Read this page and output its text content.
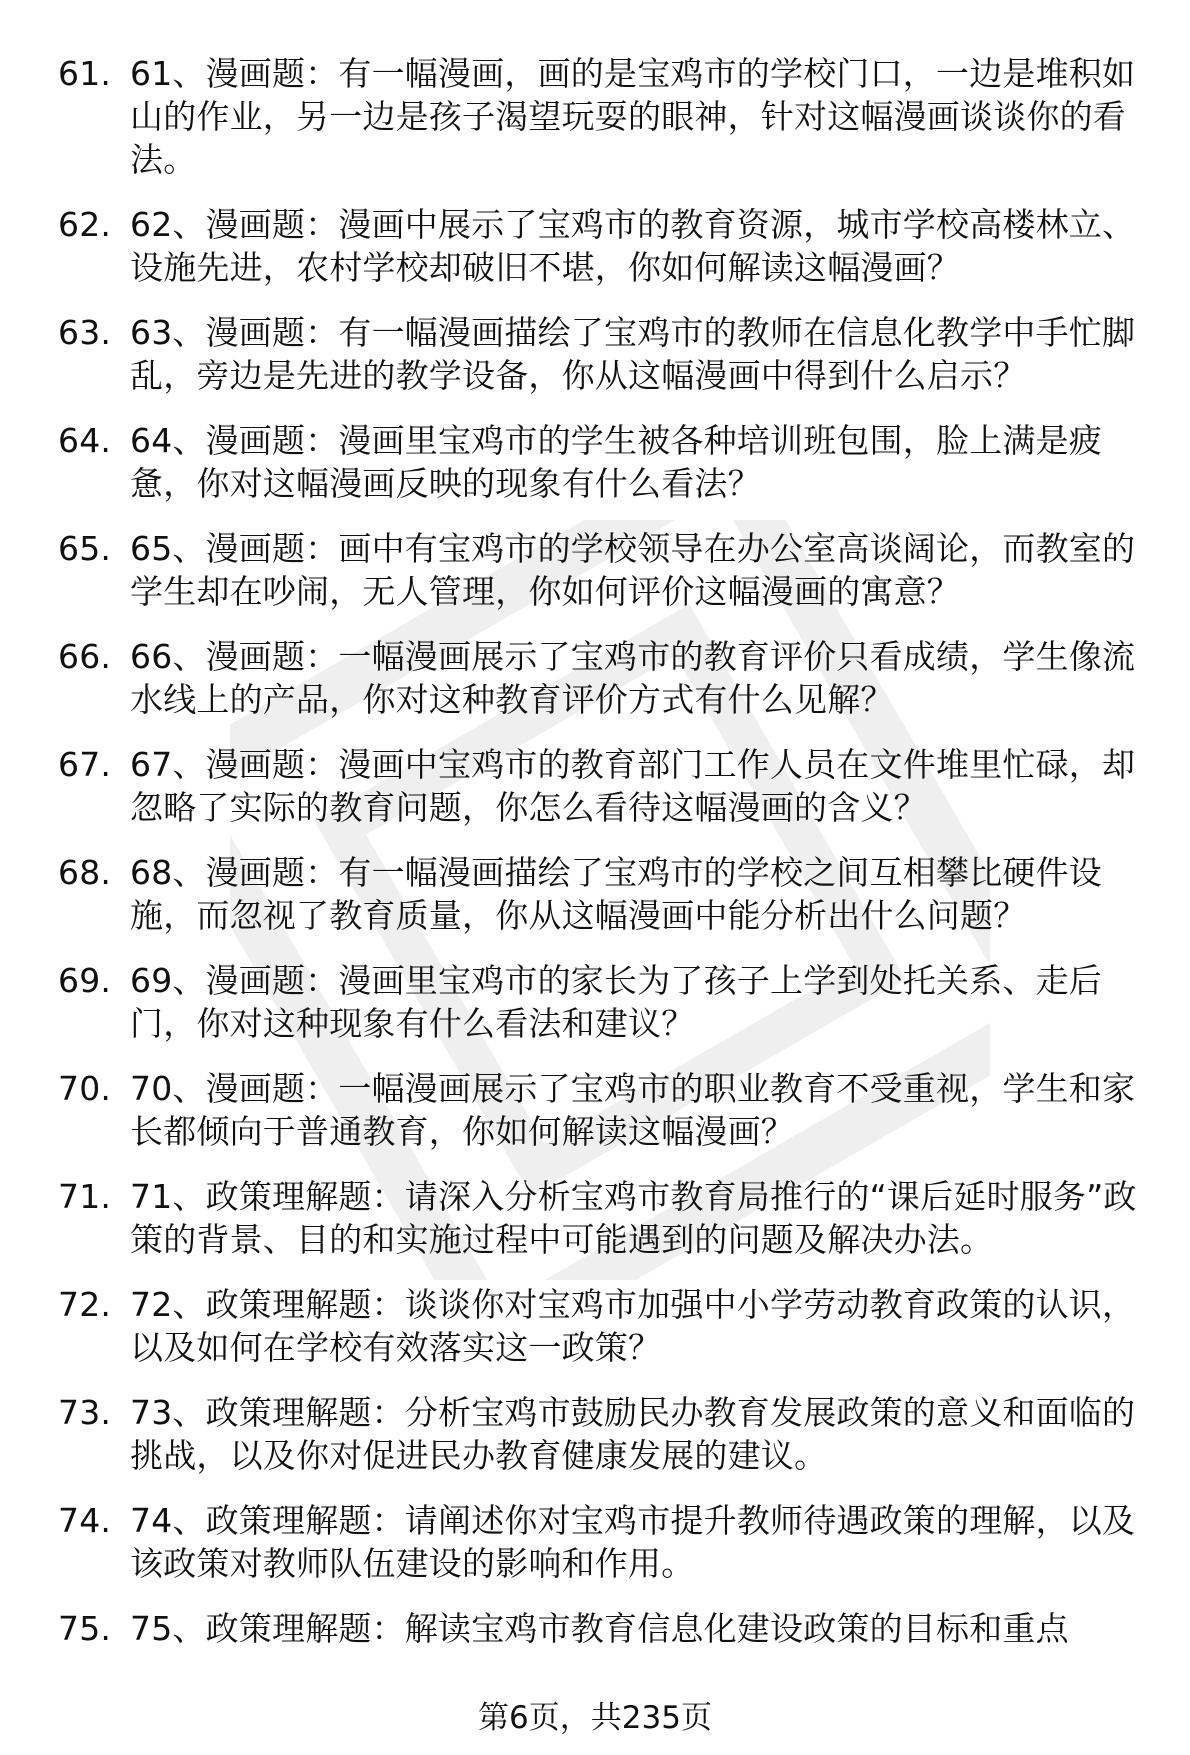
61. 61、漫画题：有一幅漫画，画的是宝鸡市的学校门口，一边是堆积如山的作业，另一边是孩子渴望玩耍的眼神，针对这幅漫画谈谈你的看法。
62. 62、漫画题：漫画中展示了宝鸡市的教育资源，城市学校高楼林立、设施先进，农村学校却破旧不堪，你如何解读这幅漫画？
63. 63、漫画题：有一幅漫画描绘了宝鸡市的教师在信息化教学中手忙脚乱，旁边是先进的教学设备，你从这幅漫画中得到什么启示？
64. 64、漫画题：漫画里宝鸡市的学生被各种培训班包围，脸上满是疲惫，你对这幅漫画反映的现象有什么看法？
65. 65、漫画题：画中有宝鸡市的学校领导在办公室高谈阔论，而教室的学生却在吵闹，无人管理，你如何评价这幅漫画的寓意？
66. 66、漫画题：一幅漫画展示了宝鸡市的教育评价只看成绩，学生像流水线上的产品，你对这种教育评价方式有什么见解？
67. 67、漫画题：漫画中宝鸡市的教育部门工作人员在文件堆里忙碌，却忽略了实际的教育问题，你怎么看待这幅漫画的含义？
68. 68、漫画题：有一幅漫画描绘了宝鸡市的学校之间互相攀比硬件设施，而忽视了教育质量，你从这幅漫画中能分析出什么问题？
69. 69、漫画题：漫画里宝鸡市的家长为了孩子上学到处托关系、走后门，你对这种现象有什么看法和建议？
70. 70、漫画题：一幅漫画展示了宝鸡市的职业教育不受重视，学生和家长都倾向于普通教育，你如何解读这幅漫画？
71. 71、政策理解题：请深入分析宝鸡市教育局推行的“课后延时服务”政策的背景、目的和实施过程中可能遇到的问题及解决办法。
72. 72、政策理解题：谈谈你对宝鸡市加强中小学劳动教育政策的认识，以及如何在学校有效落实这一政策？
73. 73、政策理解题：分析宝鸡市鼓励民办教育发展政策的意义和面临的挑战，以及你对促进民办教育健康发展的建议。
74. 74、政策理解题：请阐述你对宝鸡市提升教师待遇政策的理解，以及该政策对教师队伍建设的影响和作用。
75. 75、政策理解题：解读宝鸡市教育信息化建设政策的目标和重点
第6页，共235页
